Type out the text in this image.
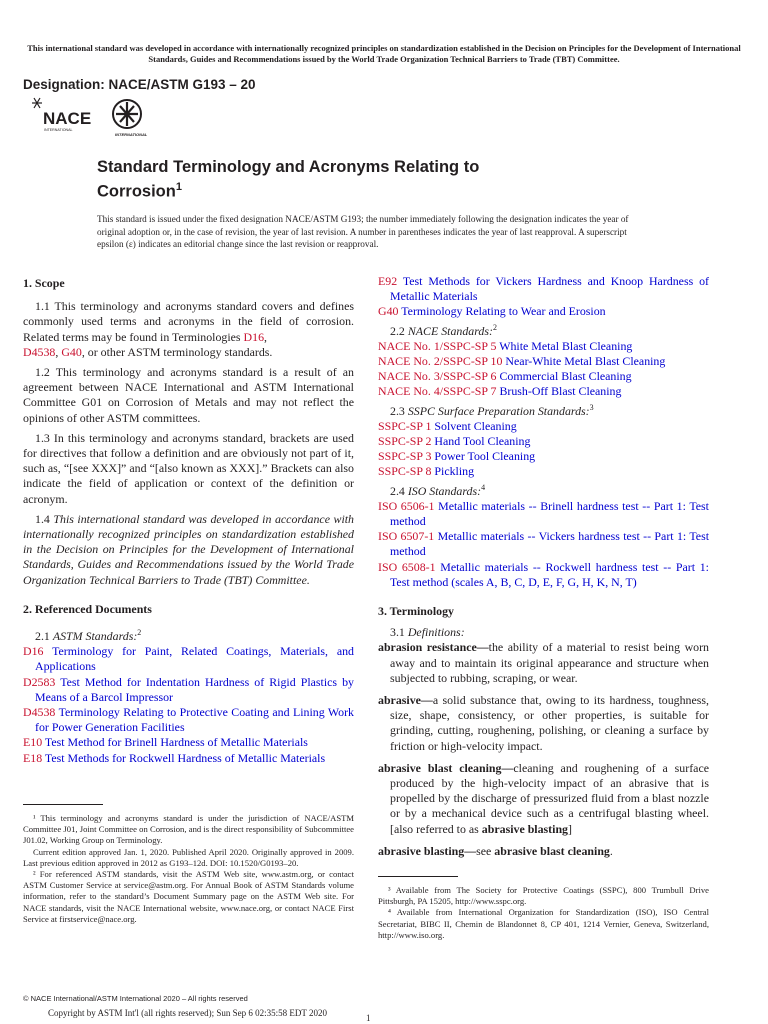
This international standard was developed in accordance with internationally recognized principles on standardization established in the Decision on Principles for the Development of International Standards, Guides and Recommendations issued by the World Trade Organization Technical Barriers to Trade (TBT) Committee.
Designation: NACE/ASTM G193 – 20
NACE
INTERNATIONAL
INTERNATIONAL
Standard Terminology and Acronyms Relating to
Corrosion$^1$
This standard is issued under the fixed designation NACE/ASTM G193; the number immediately following the designation indicates the year of original adoption or, in the case of revision, the year of last revision. A number in parentheses indicates the year of last reapproval. A superscript epsilon (ε) indicates an editorial change since the last revision or reapproval.
1. Scope

1.1 This terminology and acronyms standard covers and defines commonly used terms and acronyms in the field of corrosion. Related terms may be found in Terminologies D16,
D4538, G40, or other ASTM terminology standards.

1.2 This terminology and acronyms standard is a result of an agreement between NACE International and ASTM International Committee G01 on Corrosion of Metals and may not reflect the opinions of other ASTM committees.

1.3 In this terminology and acronyms standard, brackets are used for directives that follow a definition and are obviously not part of it, such as, “[see XXX]” and “[also known as XXX].” Brackets can also indicate the field of application or context of the definition or acronym.

1.4 This international standard was developed in accordance with internationally recognized principles on standardization established in the Decision on Principles for the Development of International Standards, Guides and Recommendations issued by the World Trade Organization Technical Barriers to Trade (TBT) Committee.

2. Referenced Documents

2.1 ASTM Standards:$^2$

D16 Terminology for Paint, Related Coatings, Materials, and Applications

D2583 Test Method for Indentation Hardness of Rigid Plastics by Means of a Barcol Impressor

D4538 Terminology Relating to Protective Coating and Lining Work for Power Generation Facilities

E10 Test Method for Brinell Hardness of Metallic Materials

E18 Test Methods for Rockwell Hardness of Metallic Materials

¹ This terminology and acronyms standard is under the jurisdiction of NACE/ASTM Committee J01, Joint Committee on Corrosion, and is the direct responsibility of Subcommittee J01.02, Working Group on Terminology.

Current edition approved Jan. 1, 2020. Published April 2020. Originally approved in 2009. Last previous edition approved in 2012 as G193–12d. DOI: 10.1520/G0193–20.

² For referenced ASTM standards, visit the ASTM Web site, www.astm.org, or contact ASTM Customer Service at service@astm.org. For Annual Book of ASTM Standards volume information, refer to the standard’s Document Summary page on the ASTM Web site. For NACE standards, visit the NACE International website, www.nace.org, or contact NACE First Service at firstservice@nace.org.

E92 Test Methods for Vickers Hardness and Knoop Hardness of Metallic Materials

G40 Terminology Relating to Wear and Erosion

2.2 NACE Standards:$^2$

NACE No. 1/SSPC-SP 5 White Metal Blast Cleaning

NACE No. 2/SSPC-SP 10 Near-White Metal Blast Cleaning

NACE No. 3/SSPC-SP 6 Commercial Blast Cleaning

NACE No. 4/SSPC-SP 7 Brush-Off Blast Cleaning

2.3 SSPC Surface Preparation Standards:$^3$

SSPC-SP 1 Solvent Cleaning

SSPC-SP 2 Hand Tool Cleaning

SSPC-SP 3 Power Tool Cleaning

SSPC-SP 8 Pickling

2.4 ISO Standards:$^4$

ISO 6506-1 Metallic materials -- Brinell hardness test -- Part 1: Test method

ISO 6507-1 Metallic materials -- Vickers hardness test -- Part 1: Test method

ISO 6508-1 Metallic materials -- Rockwell hardness test -- Part 1: Test method (scales A, B, C, D, E, F, G, H, K, N, T)

3. Terminology

3.1 Definitions:

abrasion resistance—the ability of a material to resist being worn away and to maintain its original appearance and structure when subjected to rubbing, scraping, or wear.

abrasive—a solid substance that, owing to its hardness, toughness, size, shape, consistency, or other properties, is suitable for grinding, cutting, roughening, polishing, or cleaning a surface by friction or high-velocity impact.

abrasive blast cleaning—cleaning and roughening of a surface produced by the high-velocity impact of an abrasive that is propelled by the discharge of pressurized fluid from a blast nozzle or by a mechanical device such as a centrifugal blasting wheel. [also referred to as abrasive blasting]

abrasive blasting—see abrasive blast cleaning.

³ Available from The Society for Protective Coatings (SSPC), 800 Trumbull Drive Pittsburgh, PA 15205, http://www.sspc.org.

⁴ Available from International Organization for Standardization (ISO), ISO Central Secretariat, BIBC II, Chemin de Blandonnet 8, CP 401, 1214 Vernier, Geneva, Switzerland, http://www.iso.org.

© NACE International/ASTM International 2020 – All rights reserved
Copyright by ASTM Int'l (all rights reserved); Sun Sep 6 02:35:58 EDT 2020	1
